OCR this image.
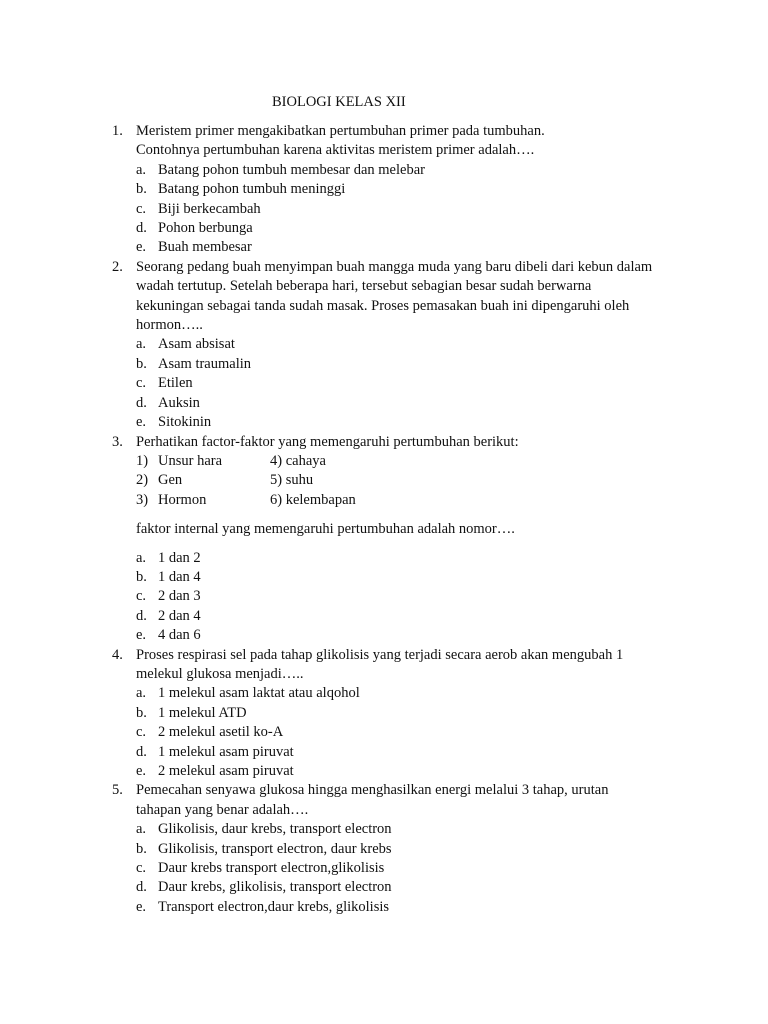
BIOLOGI KELAS XII
1. Meristem primer mengakibatkan pertumbuhan primer pada tumbuhan.
Contohnya pertumbuhan karena aktivitas meristem primer adalah….
a. Batang pohon tumbuh membesar dan melebar
b. Batang pohon tumbuh meninggi
c. Biji berkecambah
d. Pohon berbunga
e. Buah membesar
2. Seorang pedang buah menyimpan buah mangga muda yang baru dibeli dari kebun dalam
wadah tertutup. Setelah beberapa hari, tersebut sebagian besar sudah berwarna
kekuningan sebagai tanda sudah masak. Proses pemasakan buah ini dipengaruhi oleh
hormon…..
a. Asam absisat
b. Asam traumalin
c. Etilen
d. Auksin
e. Sitokinin
3. Perhatikan factor-faktor yang memengaruhi pertumbuhan berikut:
1) Unsur hara	4) cahaya
2) Gen	5) suhu
3) Hormon	6) kelembapan
faktor internal yang memengaruhi pertumbuhan adalah nomor….
a. 1 dan 2
b. 1 dan 4
c. 2 dan 3
d. 2 dan 4
e. 4 dan 6
4. Proses respirasi sel pada tahap glikolisis yang terjadi secara aerob akan mengubah 1
melekul glukosa menjadi…..
a. 1 melekul asam laktat atau alqohol
b. 1 melekul ATD
c. 2 melekul asetil ko-A
d. 1 melekul asam piruvat
e. 2 melekul asam piruvat
5. Pemecahan senyawa glukosa hingga menghasilkan energi melalui 3 tahap, urutan
tahapan yang benar adalah….
a. Glikolisis, daur krebs, transport electron
b. Glikolisis, transport electron, daur krebs
c. Daur krebs transport electron,glikolisis
d. Daur krebs, glikolisis, transport electron
e. Transport electron,daur krebs, glikolisis
